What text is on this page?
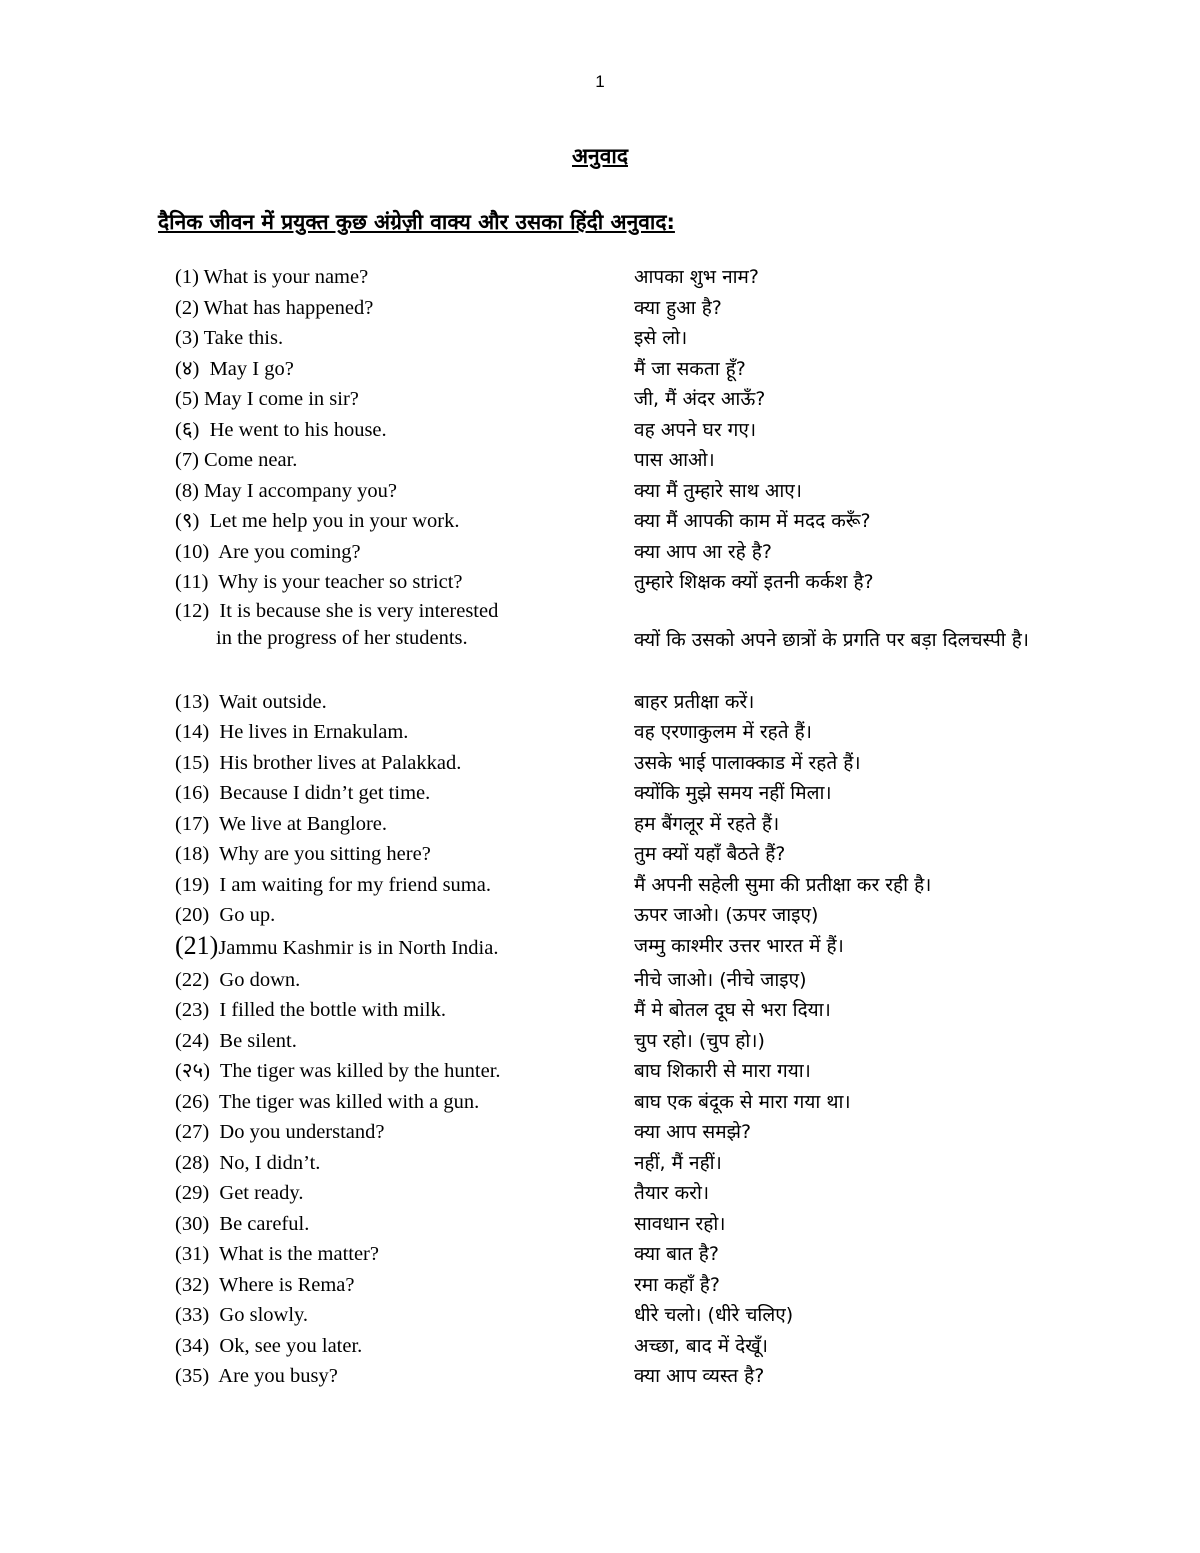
1
अनुवाद
दैनिक जीवन में प्रयुक्त कुछ अंग्रेज़ी वाक्य और उसका हिंदी अनुवाद:
(1) What is your name?	आपका शुभ नाम?
(2) What has happened?	क्या हुआ है?
(3) Take this.	इसे लो।
(४)  May I go?	मैं जा सकता हूँ?
(5) May I come in sir?	जी, मैं अंदर आऊँ?
(६)  He went to his house.	वह अपने घर गए।
(7) Come near.	पास आओ।
(8) May I accompany you?	क्या मैं तुम्हारे साथ आए।
(९)  Let me help you in your work.	क्या मैं आपकी काम में मदद करूँ?
(10)  Are you coming?	क्या आप आ रहे है?
(11)  Why is your teacher so strict?	तुम्हारे शिक्षक क्यों इतनी कर्कश है?
(12)  It is because she is very interested
in the progress of her students.	क्यों कि उसको अपने छात्रों के प्रगति पर बड़ा दिलचस्पी है।
(13)  Wait outside.	बाहर प्रतीक्षा करें।
(14)  He lives in Ernakulam.	वह एरणाकुलम में रहते हैं।
(15)  His brother lives at Palakkad.	उसके भाई पालाक्काड में रहते हैं।
(16)  Because I didn’t get time.	क्योंकि मुझे समय नहीं मिला।
(17)  We live at Banglore.	हम बैंगलूर में रहते हैं।
(18)  Why are you sitting here?	तुम क्यों यहाँ बैठते हैं?
(19)  I am waiting for my friend suma.	मैं अपनी सहेली सुमा की प्रतीक्षा कर रही है।
(20)  Go up.	ऊपर जाओ। (ऊपर जाइए)
(21)Jammu Kashmir is in North India.	जम्मु काश्मीर उत्तर भारत में हैं।
(22)  Go down.	नीचे जाओ। (नीचे जाइए)
(23)  I filled the bottle with milk.	मैं मे बोतल दूघ से भरा दिया।
(24)  Be silent.	चुप रहो। (चुप हो।)
(२५)  The tiger was killed by the hunter.	बाघ शिकारी से मारा गया।
(26)  The tiger was killed with a gun.	बाघ एक बंदूक से मारा गया था।
(27)  Do you understand?	क्या आप समझे?
(28)  No, I didn’t.	नहीं, मैं नहीं।
(29)  Get ready.	तैयार करो।
(30)  Be careful.	सावधान रहो।
(31)  What is the matter?	क्या बात है?
(32)  Where is Rema?	रमा कहाँ है?
(33)  Go slowly.	धीरे चलो। (धीरे चलिए)
(34)  Ok, see you later.	अच्छा, बाद में देखूँ।
(35)  Are you busy?	क्या आप व्यस्त है?
